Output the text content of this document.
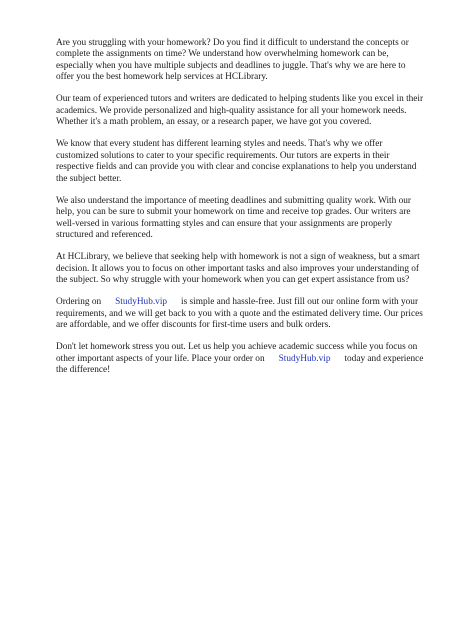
Are you struggling with your homework? Do you find it difficult to understand the concepts or complete the assignments on time? We understand how overwhelming homework can be, especially when you have multiple subjects and deadlines to juggle. That's why we are here to offer you the best homework help services at HCLibrary.

Our team of experienced tutors and writers are dedicated to helping students like you excel in their academics. We provide personalized and high-quality assistance for all your homework needs. Whether it's a math problem, an essay, or a research paper, we have got you covered.

We know that every student has different learning styles and needs. That's why we offer customized solutions to cater to your specific requirements. Our tutors are experts in their respective fields and can provide you with clear and concise explanations to help you understand the subject better.

We also understand the importance of meeting deadlines and submitting quality work. With our help, you can be sure to submit your homework on time and receive top grades. Our writers are well-versed in various formatting styles and can ensure that your assignments are properly structured and referenced.

At HCLibrary, we believe that seeking help with homework is not a sign of weakness, but a smart decision. It allows you to focus on other important tasks and also improves your understanding of the subject. So why struggle with your homework when you can get expert assistance from us?

Ordering on StudyHub.vip is simple and hassle-free. Just fill out our online form with your requirements, and we will get back to you with a quote and the estimated delivery time. Our prices are affordable, and we offer discounts for first-time users and bulk orders.

Don't let homework stress you out. Let us help you achieve academic success while you focus on other important aspects of your life. Place your order on StudyHub.vip today and experience the difference!
